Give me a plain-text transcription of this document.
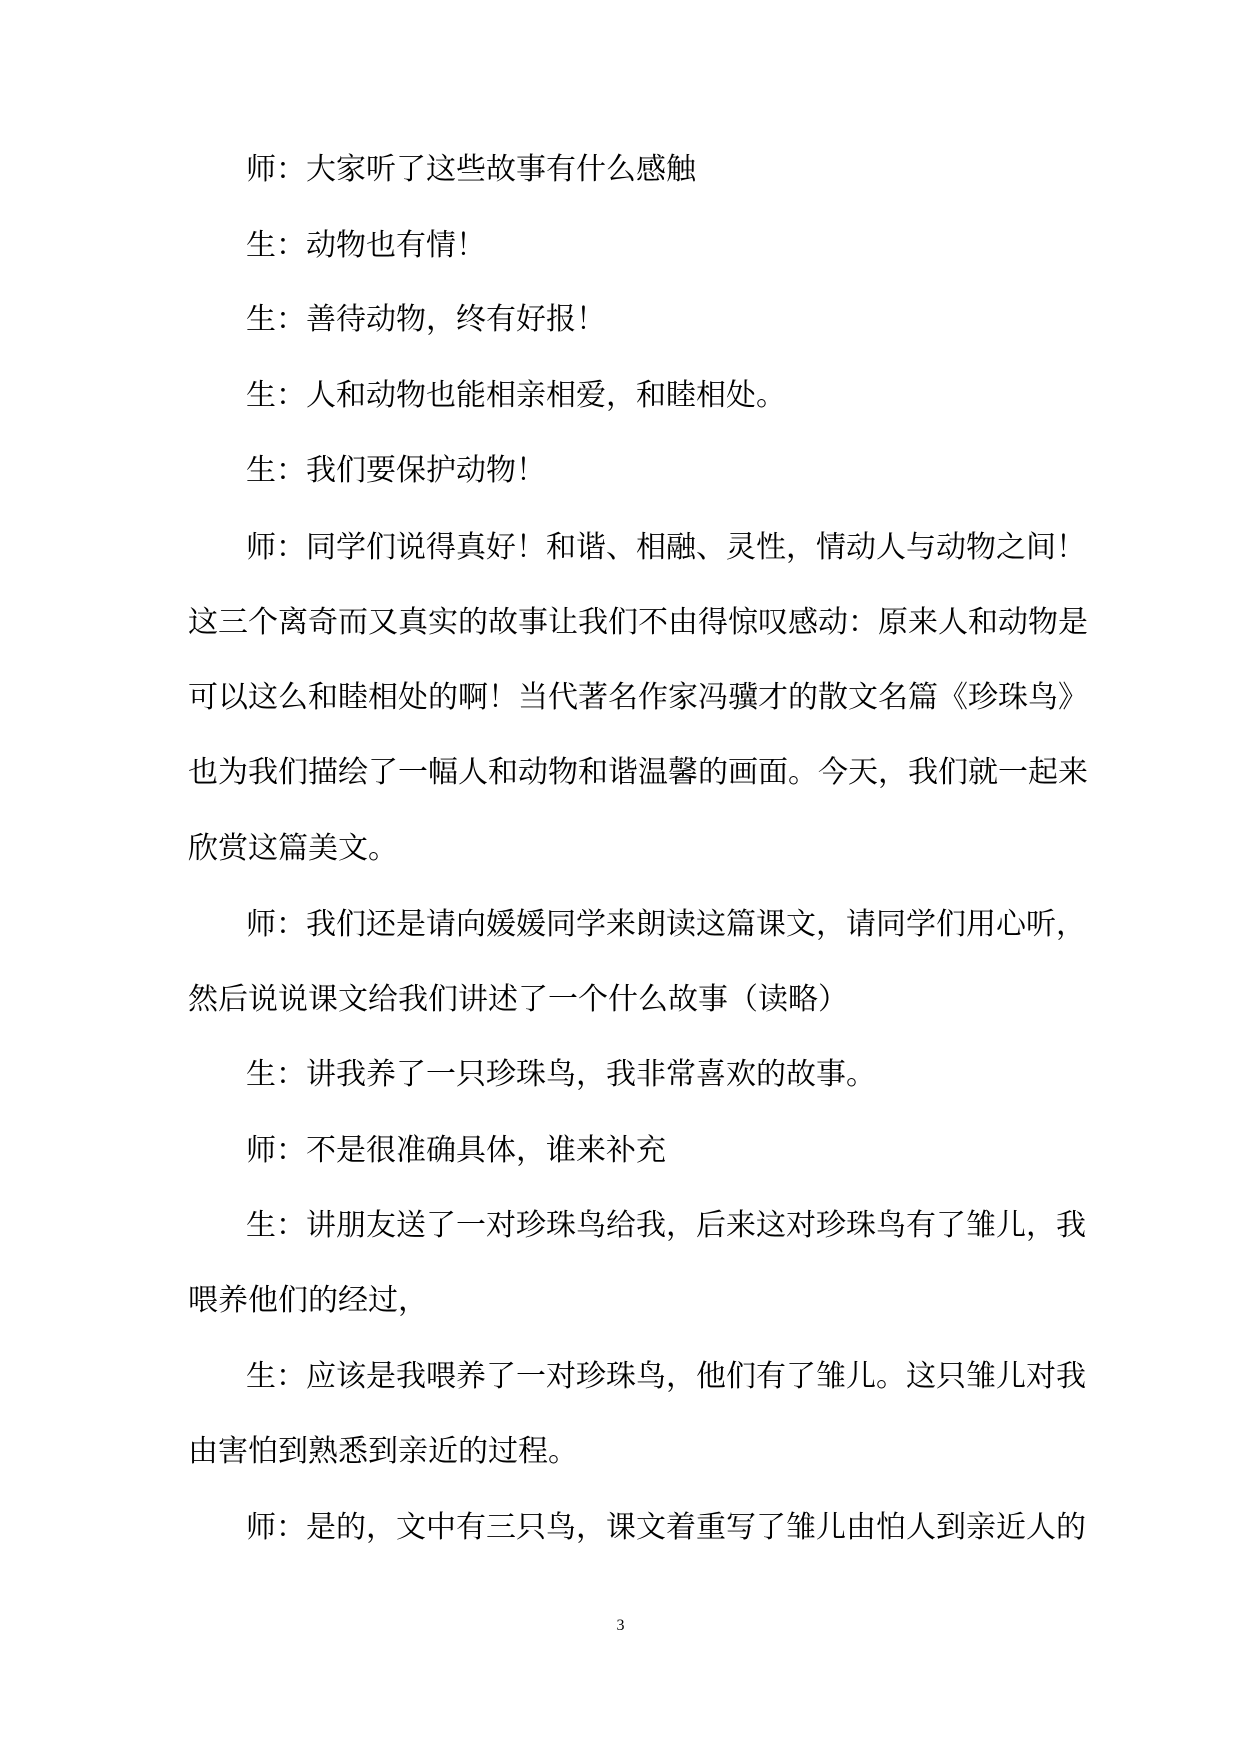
师：大家听了这些故事有什么感触
生：动物也有情！
生：善待动物，终有好报！
生：人和动物也能相亲相爱，和睦相处。
生：我们要保护动物！
师：同学们说得真好！和谐、相融、灵性，情动人与动物之间！
这三个离奇而又真实的故事让我们不由得惊叹感动：原来人和动物是
可以这么和睦相处的啊！当代著名作家冯骥才的散文名篇《珍珠鸟》
也为我们描绘了一幅人和动物和谐温馨的画面。今天，我们就一起来
欣赏这篇美文。
师：我们还是请向媛媛同学来朗读这篇课文，请同学们用心听，
然后说说课文给我们讲述了一个什么故事（读略）
生：讲我养了一只珍珠鸟，我非常喜欢的故事。
师：不是很准确具体，谁来补充
生：讲朋友送了一对珍珠鸟给我，后来这对珍珠鸟有了雏儿，我
喂养他们的经过，
生：应该是我喂养了一对珍珠鸟，他们有了雏儿。这只雏儿对我
由害怕到熟悉到亲近的过程。
师：是的，文中有三只鸟，课文着重写了雏儿由怕人到亲近人的
3
